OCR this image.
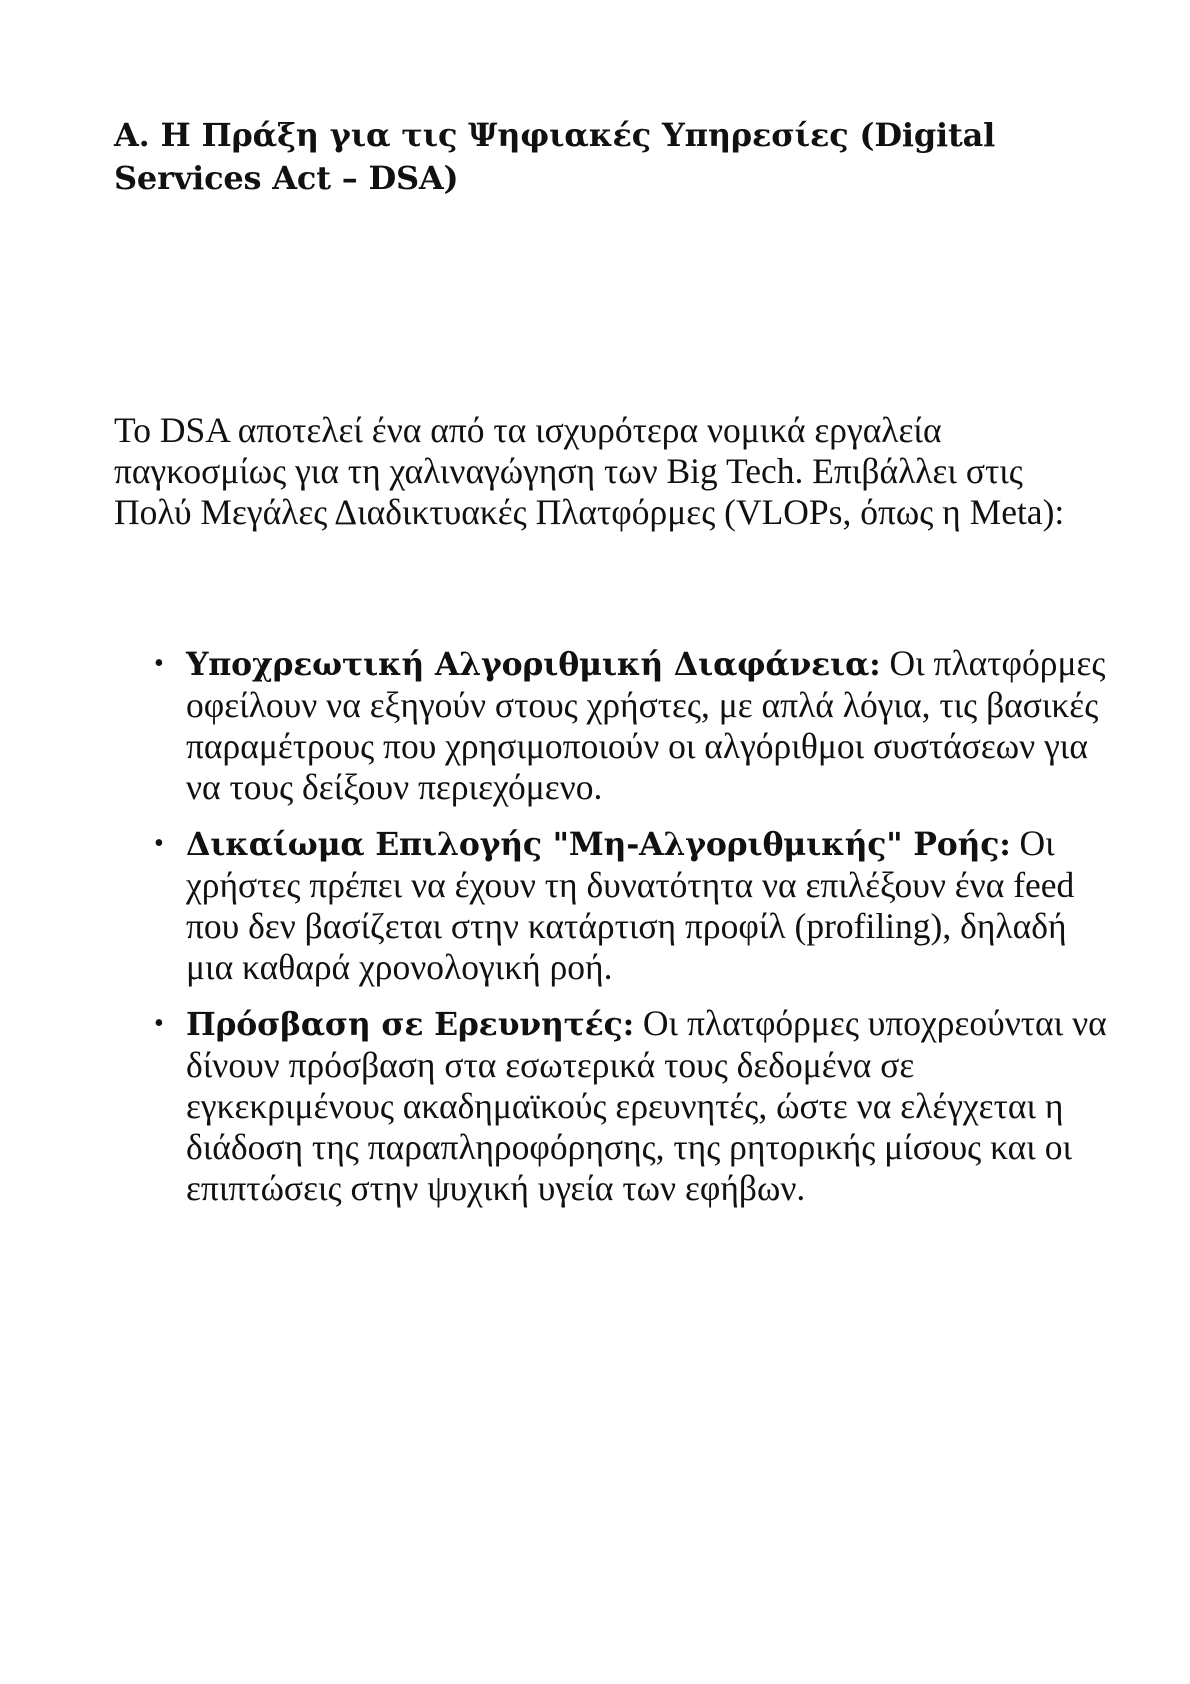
Α. Η Πράξη για τις Ψηφιακές Υπηρεσίες (Digital Services Act – DSA)

Το DSA αποτελεί ένα από τα ισχυρότερα νομικά εργαλεία παγκοσμίως για τη χαλιναγώγηση των Big Tech. Επιβάλλει στις Πολύ Μεγάλες Διαδικτυακές Πλατφόρμες (VLOPs, όπως η Meta):

• Υποχρεωτική Αλγοριθμική Διαφάνεια: Οι πλατφόρμες οφείλουν να εξηγούν στους χρήστες, με απλά λόγια, τις βασικές παραμέτρους που χρησιμοποιούν οι αλγόριθμοι συστάσεων για να τους δείξουν περιεχόμενο.
• Δικαίωμα Επιλογής "Μη-Αλγοριθμικής" Ροής: Οι χρήστες πρέπει να έχουν τη δυνατότητα να επιλέξουν ένα feed που δεν βασίζεται στην κατάρτιση προφίλ (profiling), δηλαδή μια καθαρά χρονολογική ροή.
• Πρόσβαση σε Ερευνητές: Οι πλατφόρμες υποχρεούνται να δίνουν πρόσβαση στα εσωτερικά τους δεδομένα σε εγκεκριμένους ακαδημαϊκούς ερευνητές, ώστε να ελέγχεται η διάδοση της παραπληροφόρησης, της ρητορικής μίσους και οι επιπτώσεις στην ψυχική υγεία των εφήβων.
